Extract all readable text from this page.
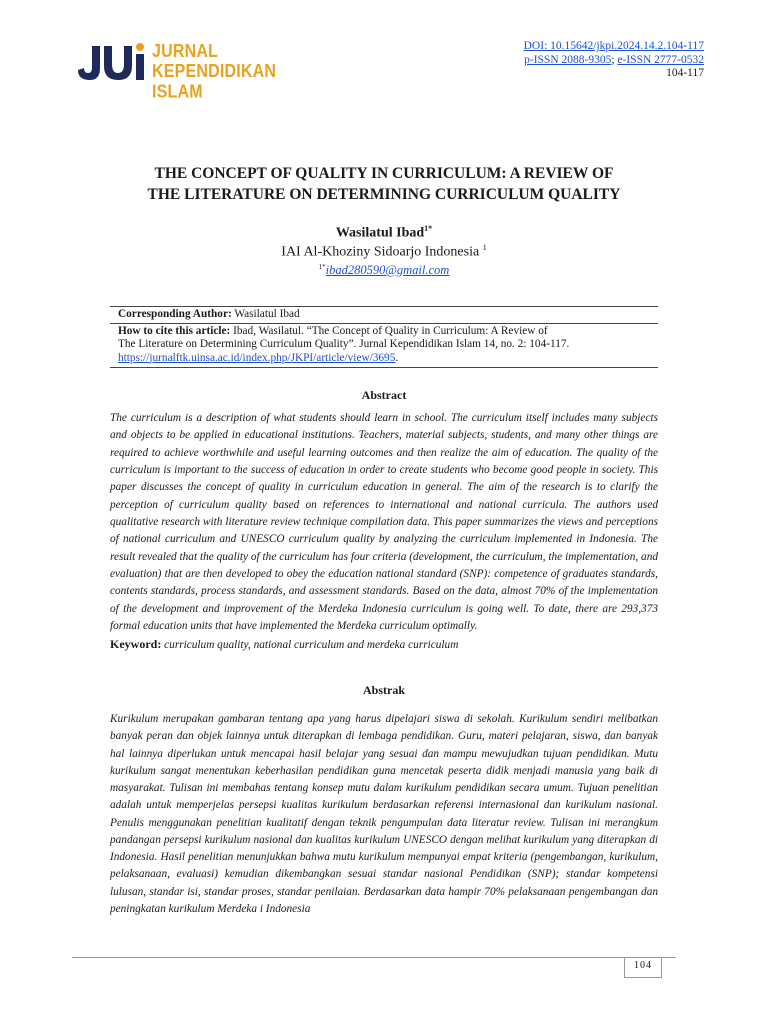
JURNAL
KEPENDIDIKAN ISLAM
DOI: 10.15642/jkpi.2024.14.2.104-117
p-ISSN 2088-9305; e-ISSN 2777-0532
104-117
THE CONCEPT OF QUALITY IN CURRICULUM: A REVIEW OF
THE LITERATURE ON DETERMINING CURRICULUM QUALITY
Wasilatul Ibad$^{1*}$
IAI Al-Khoziny Sidoarjo Indonesia $^1$
$^{1*}$ibad280590@gmail.com
Corresponding Author: Wasilatul Ibad
How to cite this article: Ibad, Wasilatul. “The Concept of Quality in Curriculum: A Review of
The Literature on Determining Curriculum Quality”. Jurnal Kependidikan Islam 14, no. 2: 104-117.
https://jurnalftk.uinsa.ac.id/index.php/JKPI/article/view/3695.
Abstract
The curriculum is a description of what students should learn in school. The curriculum itself includes many subjects and objects to be applied in educational institutions. Teachers, material subjects, students, and many other things are required to achieve worthwhile and useful learning outcomes and then realize the aim of education. The quality of the curriculum is important to the success of education in order to create students who become good people in society. This paper discusses the concept of quality in curriculum education in general. The aim of the research is to clarify the perception of curriculum quality based on references to international and national curricula. The authors used qualitative research with literature review technique compilation data. This paper summarizes the views and perceptions of national curriculum and UNESCO curriculum quality by analyzing the curriculum implemented in Indonesia. The result revealed that the quality of the curriculum has four criteria (development, the curriculum, the implementation, and evaluation) that are then developed to obey the education national standard (SNP): competence of graduates standards, contents standards, process standards, and assessment standards. Based on the data, almost 70% of the implementation of the development and improvement of the Merdeka Indonesia curriculum is going well. To date, there are 293,373 formal education units that have implemented the Merdeka curriculum optimally.
Keyword: curriculum quality, national curriculum and merdeka curriculum
Abstrak
Kurikulum merupakan gambaran tentang apa yang harus dipelajari siswa di sekolah. Kurikulum sendiri melibatkan banyak peran dan objek lainnya untuk diterapkan di lembaga pendidikan. Guru, materi pelajaran, siswa, dan banyak hal lainnya diperlukan untuk mencapai hasil belajar yang sesuai dan mampu mewujudkan tujuan pendidikan. Mutu kurikulum sangat menentukan keberhasilan pendidikan guna mencetak peserta didik menjadi manusia yang baik di masyarakat. Tulisan ini membahas tentang konsep mutu dalam kurikulum pendidikan secara umum. Tujuan penelitian adalah untuk memperjelas persepsi kualitas kurikulum berdasarkan referensi internasional dan kurikulum nasional. Penulis menggunakan penelitian kualitatif dengan teknik pengumpulan data literatur review. Tulisan ini merangkum pandangan persepsi kurikulum nasional dan kualitas kurikulum UNESCO dengan melihat kurikulum yang diterapkan di Indonesia. Hasil penelitian menunjukkan bahwa mutu kurikulum mempunyai empat kriteria (pengembangan, kurikulum, pelaksanaan, evaluasi) kemudian dikembangkan sesuai standar nasional Pendidikan (SNP); standar kompetensi lulusan, standar isi, standar proses, standar penilaian. Berdasarkan data hampir 70% pelaksanaan pengembangan dan peningkatan kurikulum Merdeka i Indonesia
104
